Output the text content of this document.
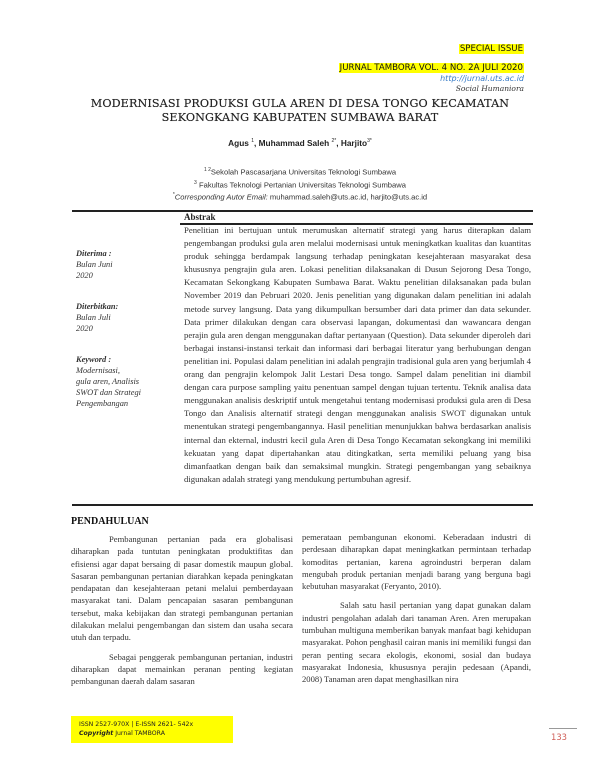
SPECIAL ISSUE
JURNAL TAMBORA VOL. 4 NO. 2A JULI 2020
http://jurnal.uts.ac.id
Social Humaniora
MODERNISASI PRODUKSI GULA AREN DI DESA TONGO KECAMATAN
SEKONGKANG KABUPATEN SUMBAWA BARAT
Agus $^1$, Muhammad Saleh $^{2*}$, Harjito$^{3*}$
$^{1 2}$Sekolah Pascasarjana Universitas Teknologi Sumbawa
$^3$ Fakultas Teknologi Pertanian Universitas Teknologi Sumbawa
*Corresponding Autor Email: muhammad.saleh@uts.ac.id, harjito@uts.ac.id
Abstrak
Diterima :
Bulan Juni
2020
Diterbitkan:
Bulan Juli
2020
Keyword :
Modernisasi,
gula aren, Analisis
SWOT dan Strategi
Pengembangan
Penelitian ini bertujuan untuk merumuskan alternatif strategi yang harus diterapkan dalam pengembangan produksi gula aren melalui modernisasi untuk meningkatkan kualitas dan kuantitas produk sehingga berdampak langsung terhadap peningkatan kesejahteraan masyarakat desa khususnya pengrajin gula aren. Lokasi penelitian dilaksanakan di Dusun Sejorong Desa Tongo, Kecamatan Sekongkang Kabupaten Sumbawa Barat. Waktu penelitian dilaksanakan pada bulan November 2019 dan Pebruari 2020. Jenis penelitian yang digunakan dalam penelitian ini adalah metode survey langsung. Data yang dikumpulkan bersumber dari data primer dan data sekunder. Data primer dilakukan dengan cara observasi lapangan, dokumentasi dan wawancara dengan perajin gula aren dengan menggunakan daftar pertanyaan (Question). Data sekunder diperoleh dari berbagai instansi-instansi terkait dan informasi dari berbagai literatur yang berhubungan dengan penelitian ini. Populasi dalam penelitian ini adalah pengrajin tradisional gula aren yang berjumlah 4 orang dan pengrajin kelompok Jalit Lestari Desa tongo. Sampel dalam penelitian ini diambil dengan cara purpose sampling yaitu penentuan sampel dengan tujuan tertentu. Teknik analisa data menggunakan analisis deskriptif untuk mengetahui tentang modernisasi produksi gula aren di Desa Tongo dan Analisis alternatif strategi dengan menggunakan analisis SWOT digunakan untuk menentukan strategi pengembangannya. Hasil penelitian menunjukkan bahwa berdasarkan analisis internal dan ekternal, industri kecil gula Aren di Desa Tongo Kecamatan sekongkang ini memiliki kekuatan yang dapat dipertahankan atau ditingkatkan, serta memiliki peluang yang bisa dimanfaatkan dengan baik dan semaksimal mungkin. Strategi pengembangan yang sebaiknya digunakan adalah strategi yang mendukung pertumbuhan agresif.
PENDAHULUAN

Pembangunan pertanian pada era globalisasi diharapkan pada tuntutan peningkatan produktifitas dan efisiensi agar dapat bersaing di pasar domestik maupun global. Sasaran pembangunan pertanian diarahkan kepada peningkatan pendapatan dan kesejahteraan petani melalui pemberdayaan masyarakat tani. Dalam pencapaian sasaran pembangunan tersebut, maka kebijakan dan strategi pembangunan pertanian dilakukan melalui pengembangan dan sistem dan usaha secara utuh dan terpadu.

Sebagai penggerak pembangunan pertanian, industri diharapkan dapat memainkan peranan penting kegiatan pembangunan daerah dalam sasaran

pemerataan pembangunan ekonomi. Keberadaan industri di perdesaan diharapkan dapat meningkatkan permintaan terhadap komoditas pertanian, karena agroindustri berperan dalam mengubah produk pertanian menjadi barang yang berguna bagi kebutuhan masyarakat (Feryanto, 2010).

Salah satu hasil pertanian yang dapat gunakan dalam industri pengolahan adalah dari tanaman Aren. Aren merupakan tumbuhan multiguna memberikan banyak manfaat bagi kehidupan masyarakat. Pohon penghasil cairan manis ini memiliki fungsi dan peran penting secara ekologis, ekonomi, sosial dan budaya masyarakat Indonesia, khususnya perajin pedesaan (Apandi, 2008) Tanaman aren dapat menghasilkan nira

ISSN 2527-970X | E-ISSN 2621- 542x
Copyright Jurnal TAMBORA	133
